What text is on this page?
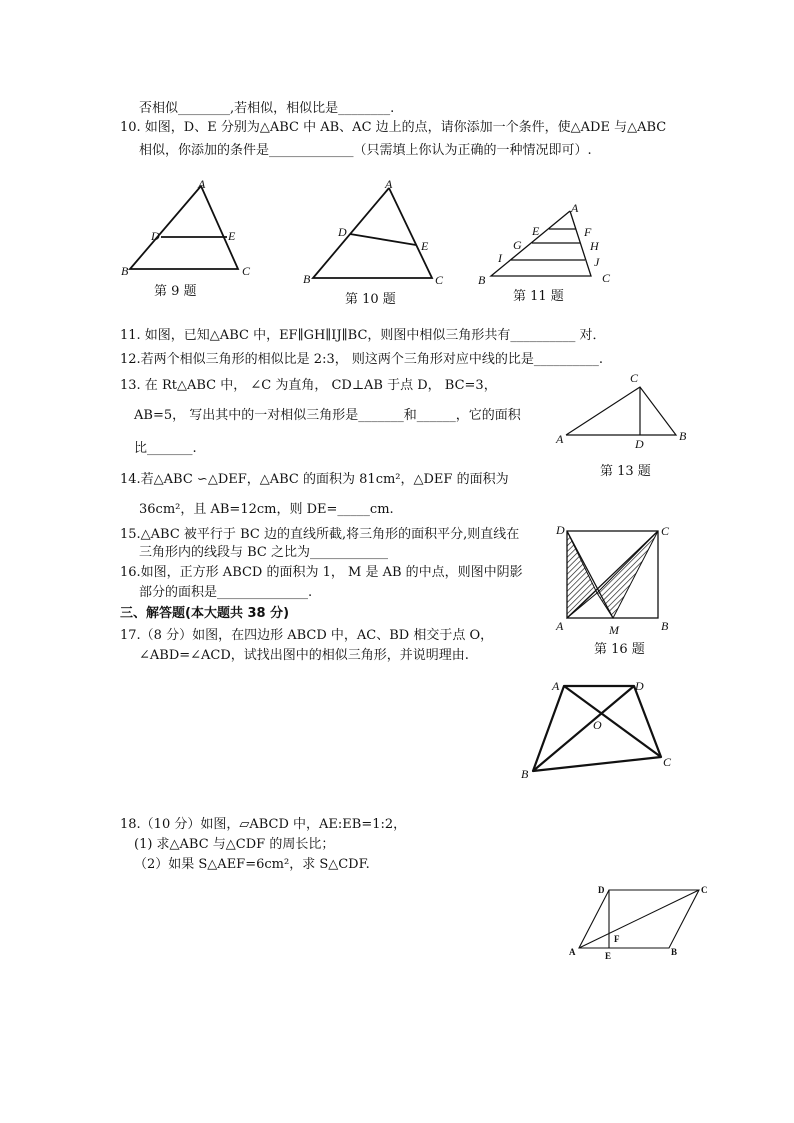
否相似________,若相似，相似比是________.
10. 如图，D、E 分别为△ABC 中 AB、AC 边上的点，请你添加一个条件，使△ADE 与△ABC
相似，你添加的条件是_____________（只需填上你认为正确的一种情况即可）.
11. 如图，已知△ABC 中，EF∥GH∥IJ∥BC，则图中相似三角形共有__________ 对．
12.若两个相似三角形的相似比是 2:3， 则这两个三角形对应中线的比是__________.
13. 在 Rt△ABC 中， ∠C 为直角， CD⊥AB 于点 D， BC=3，
AB=5， 写出其中的一对相似三角形是_______和______，它的面积
比_______.
14.若△ABC ∽△DEF，△ABC 的面积为 81cm²，△DEF 的面积为
36cm²，且 AB=12cm，则 DE=_____cm.
15.△ABC 被平行于 BC 边的直线所截,将三角形的面积平分,则直线在
三角形内的线段与 BC 之比为____________
16.如图，正方形 ABCD 的面积为 1， M 是 AB 的中点，则图中阴影
部分的面积是______________.
三、解答题(本大题共 38 分)
17.（8 分）如图，在四边形 ABCD 中，AC、BD 相交于点 O，
∠ABD=∠ACD，试找出图中的相似三角形，并说明理由.
18.（10 分）如图，▱ABCD 中，AE:EB=1:2，
(1) 求△ABC 与△CDF 的周长比；
（2）如果 S△AEF=6cm²，求 S△CDF.
A
B	C
D	E
第 9 题
A
B	C
D
E
第 10 题
A
B	C
E	F
G	H
I	J
第 11 题
C
A	D
B
第 13 题
D	C
A	M	B
第 16 题
A	D
O
B
C
D	C
A	E
F
B
